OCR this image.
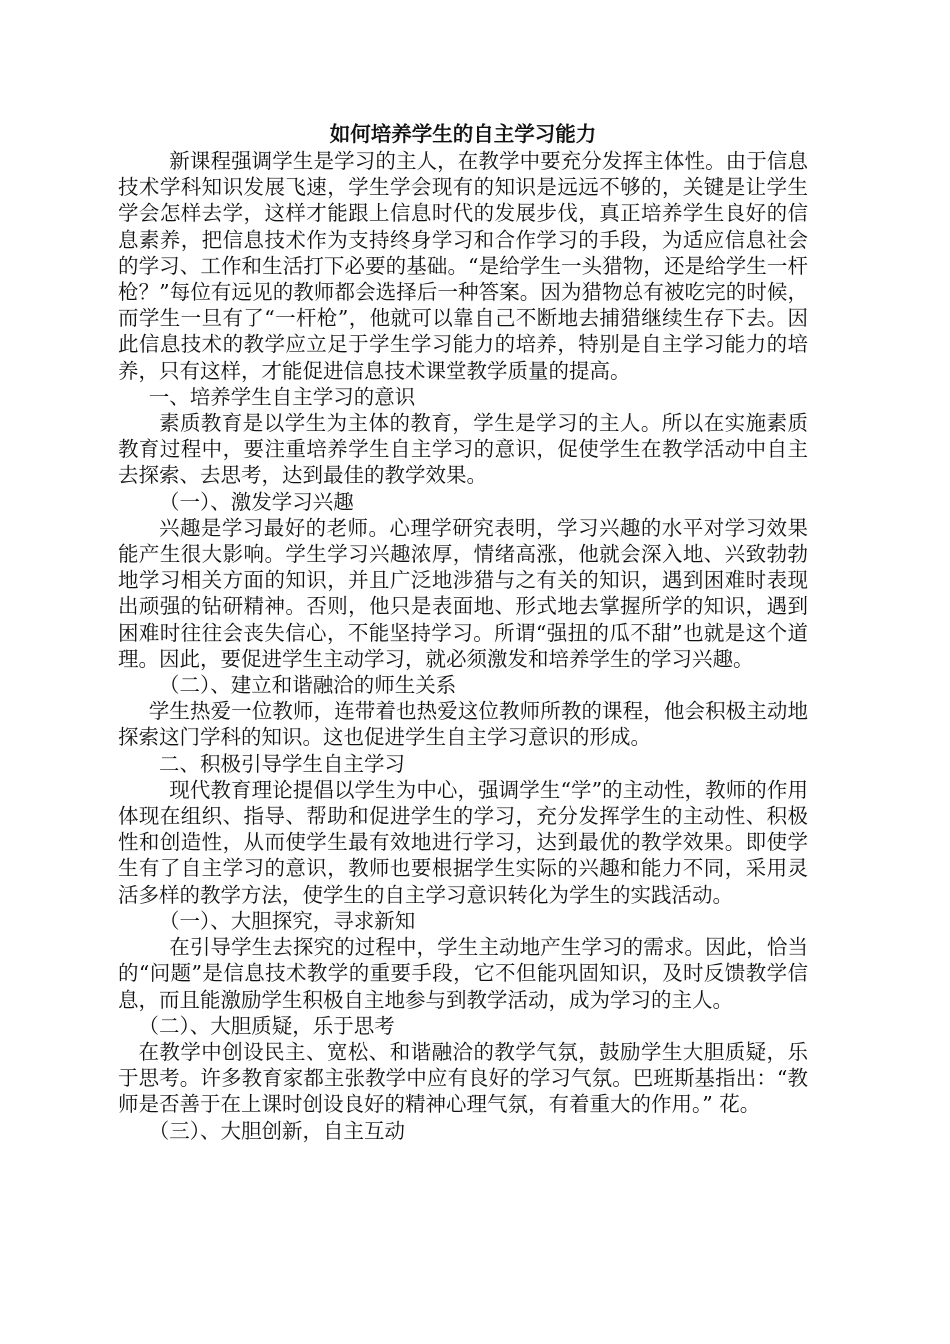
如何培养学生的自主学习能力

新课程强调学生是学习的主人，在教学中要充分发挥主体性。由于信息技术学科知识发展飞速，学生学会现有的知识是远远不够的，关键是让学生学会怎样去学，这样才能跟上信息时代的发展步伐，真正培养学生良好的信息素养，把信息技术作为支持终身学习和合作学习的手段，为适应信息社会的学习、工作和生活打下必要的基础。“是给学生一头猎物，还是给学生一杆枪？”每位有远见的教师都会选择后一种答案。因为猎物总有被吃完的时候，而学生一旦有了“一杆枪”，他就可以靠自己不断地去捕猎继续生存下去。因此信息技术的教学应立足于学生学习能力的培养，特别是自主学习能力的培养，只有这样，才能促进信息技术课堂教学质量的提高。

一、培养学生自主学习的意识

素质教育是以学生为主体的教育，学生是学习的主人。所以在实施素质教育过程中，要注重培养学生自主学习的意识，促使学生在教学活动中自主去探索、去思考，达到最佳的教学效果。

（一）、激发学习兴趣

兴趣是学习最好的老师。心理学研究表明，学习兴趣的水平对学习效果能产生很大影响。学生学习兴趣浓厚，情绪高涨，他就会深入地、兴致勃勃地学习相关方面的知识，并且广泛地涉猎与之有关的知识，遇到困难时表现出顽强的钻研精神。否则，他只是表面地、形式地去掌握所学的知识，遇到困难时往往会丧失信心，不能坚持学习。所谓“强扭的瓜不甜”也就是这个道理。因此，要促进学生主动学习，就必须激发和培养学生的学习兴趣。

（二）、建立和谐融洽的师生关系

学生热爱一位教师，连带着也热爱这位教师所教的课程，他会积极主动地探索这门学科的知识。这也促进学生自主学习意识的形成。

二、积极引导学生自主学习

现代教育理论提倡以学生为中心，强调学生“学”的主动性，教师的作用体现在组织、指导、帮助和促进学生的学习，充分发挥学生的主动性、积极性和创造性，从而使学生最有效地进行学习，达到最优的教学效果。即使学生有了自主学习的意识，教师也要根据学生实际的兴趣和能力不同，采用灵活多样的教学方法，使学生的自主学习意识转化为学生的实践活动。

（一）、大胆探究，寻求新知

在引导学生去探究的过程中，学生主动地产生学习的需求。因此，恰当的“问题”是信息技术教学的重要手段，它不但能巩固知识，及时反馈教学信息，而且能激励学生积极自主地参与到教学活动，成为学习的主人。

（二）、大胆质疑，乐于思考

在教学中创设民主、宽松、和谐融洽的教学气氛，鼓励学生大胆质疑，乐于思考。许多教育家都主张教学中应有良好的学习气氛。巴班斯基指出：“教师是否善于在上课时创设良好的精神心理气氛，有着重大的作用。” 花。

（三）、大胆创新，自主互动
